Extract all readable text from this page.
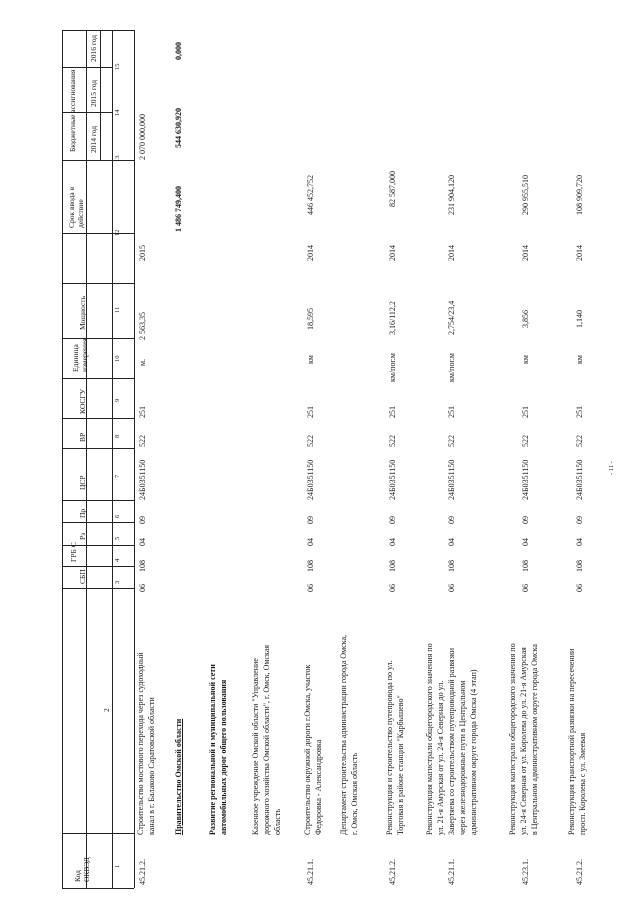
- 11 -
Бюджетные ассигнования
2016 год
2015 год
2014 год
Срок ввода в действие
Мощность
Единица измерения
КОСГУ
ВР
ЦСР
Пр
Рз
ГРБ С
СБП
2
Код ОКВЭД
15
14
13
12
11
10
9
8
7
6
5
4
3
1 45.21.2.
Строительство мостового перехода через судоходный канал в г. Балаково Саратовской области
06
108
04
09
24Б0351150
522
251
м.
2 563,35
2015
2 070 000,000
Правительство Омской области
1 486 749,400
544 630,920
0,000
Развитие региональной и муниципальной сети автомобильных дорог общего пользования	Казенное учреждение Омской области "Управление дорожного хозяйства Омской области", г. Омск, Омская область
45.21.1.
Строительство окружной дороги г.Омска, участок Федоровка - Александровка
06
108
04
09
24Б0351150
522
251
км
18,595
2014
446 452,752
Департамент строительства администрации города Омска, г. Омск, Омская область
45.21.2.
Реконструкция и строительство путепровода по ул. Торговая в районе станции "Карбышево"
06
108
04
09
24Б0351150
522
251
км/пог.м
3,16/112,2
2014
82 587,000
45.21.1.
Реконструкция магистрали общегородского значения по ул. 21-я Амурская от ул. 24-я Северная до ул. Завертяева со строительством путепроводной развязки через железнодорожные пути в Центральном административном округе города Омска (4 этап)
06
108
04
09
24Б0351150
522
251
км/пог.м
2,754/23,4
2014
231 904,120
45.23.1.
Реконструкция магистрали общегородского значения по ул. 24-я Северная от ул. Королева до ул. 21-я Амурская в Центральном административном округе города Омска
06
108
04
09
24Б0351150
522
251
км
3,856
2014
290 955,510
45.21.2.
Реконструкция транспортной развязки на пересечении просп. Королева с ул. Змеевая
06
108
04
09
24Б0351150
522
251
км
1,140
2014
108 909,720
